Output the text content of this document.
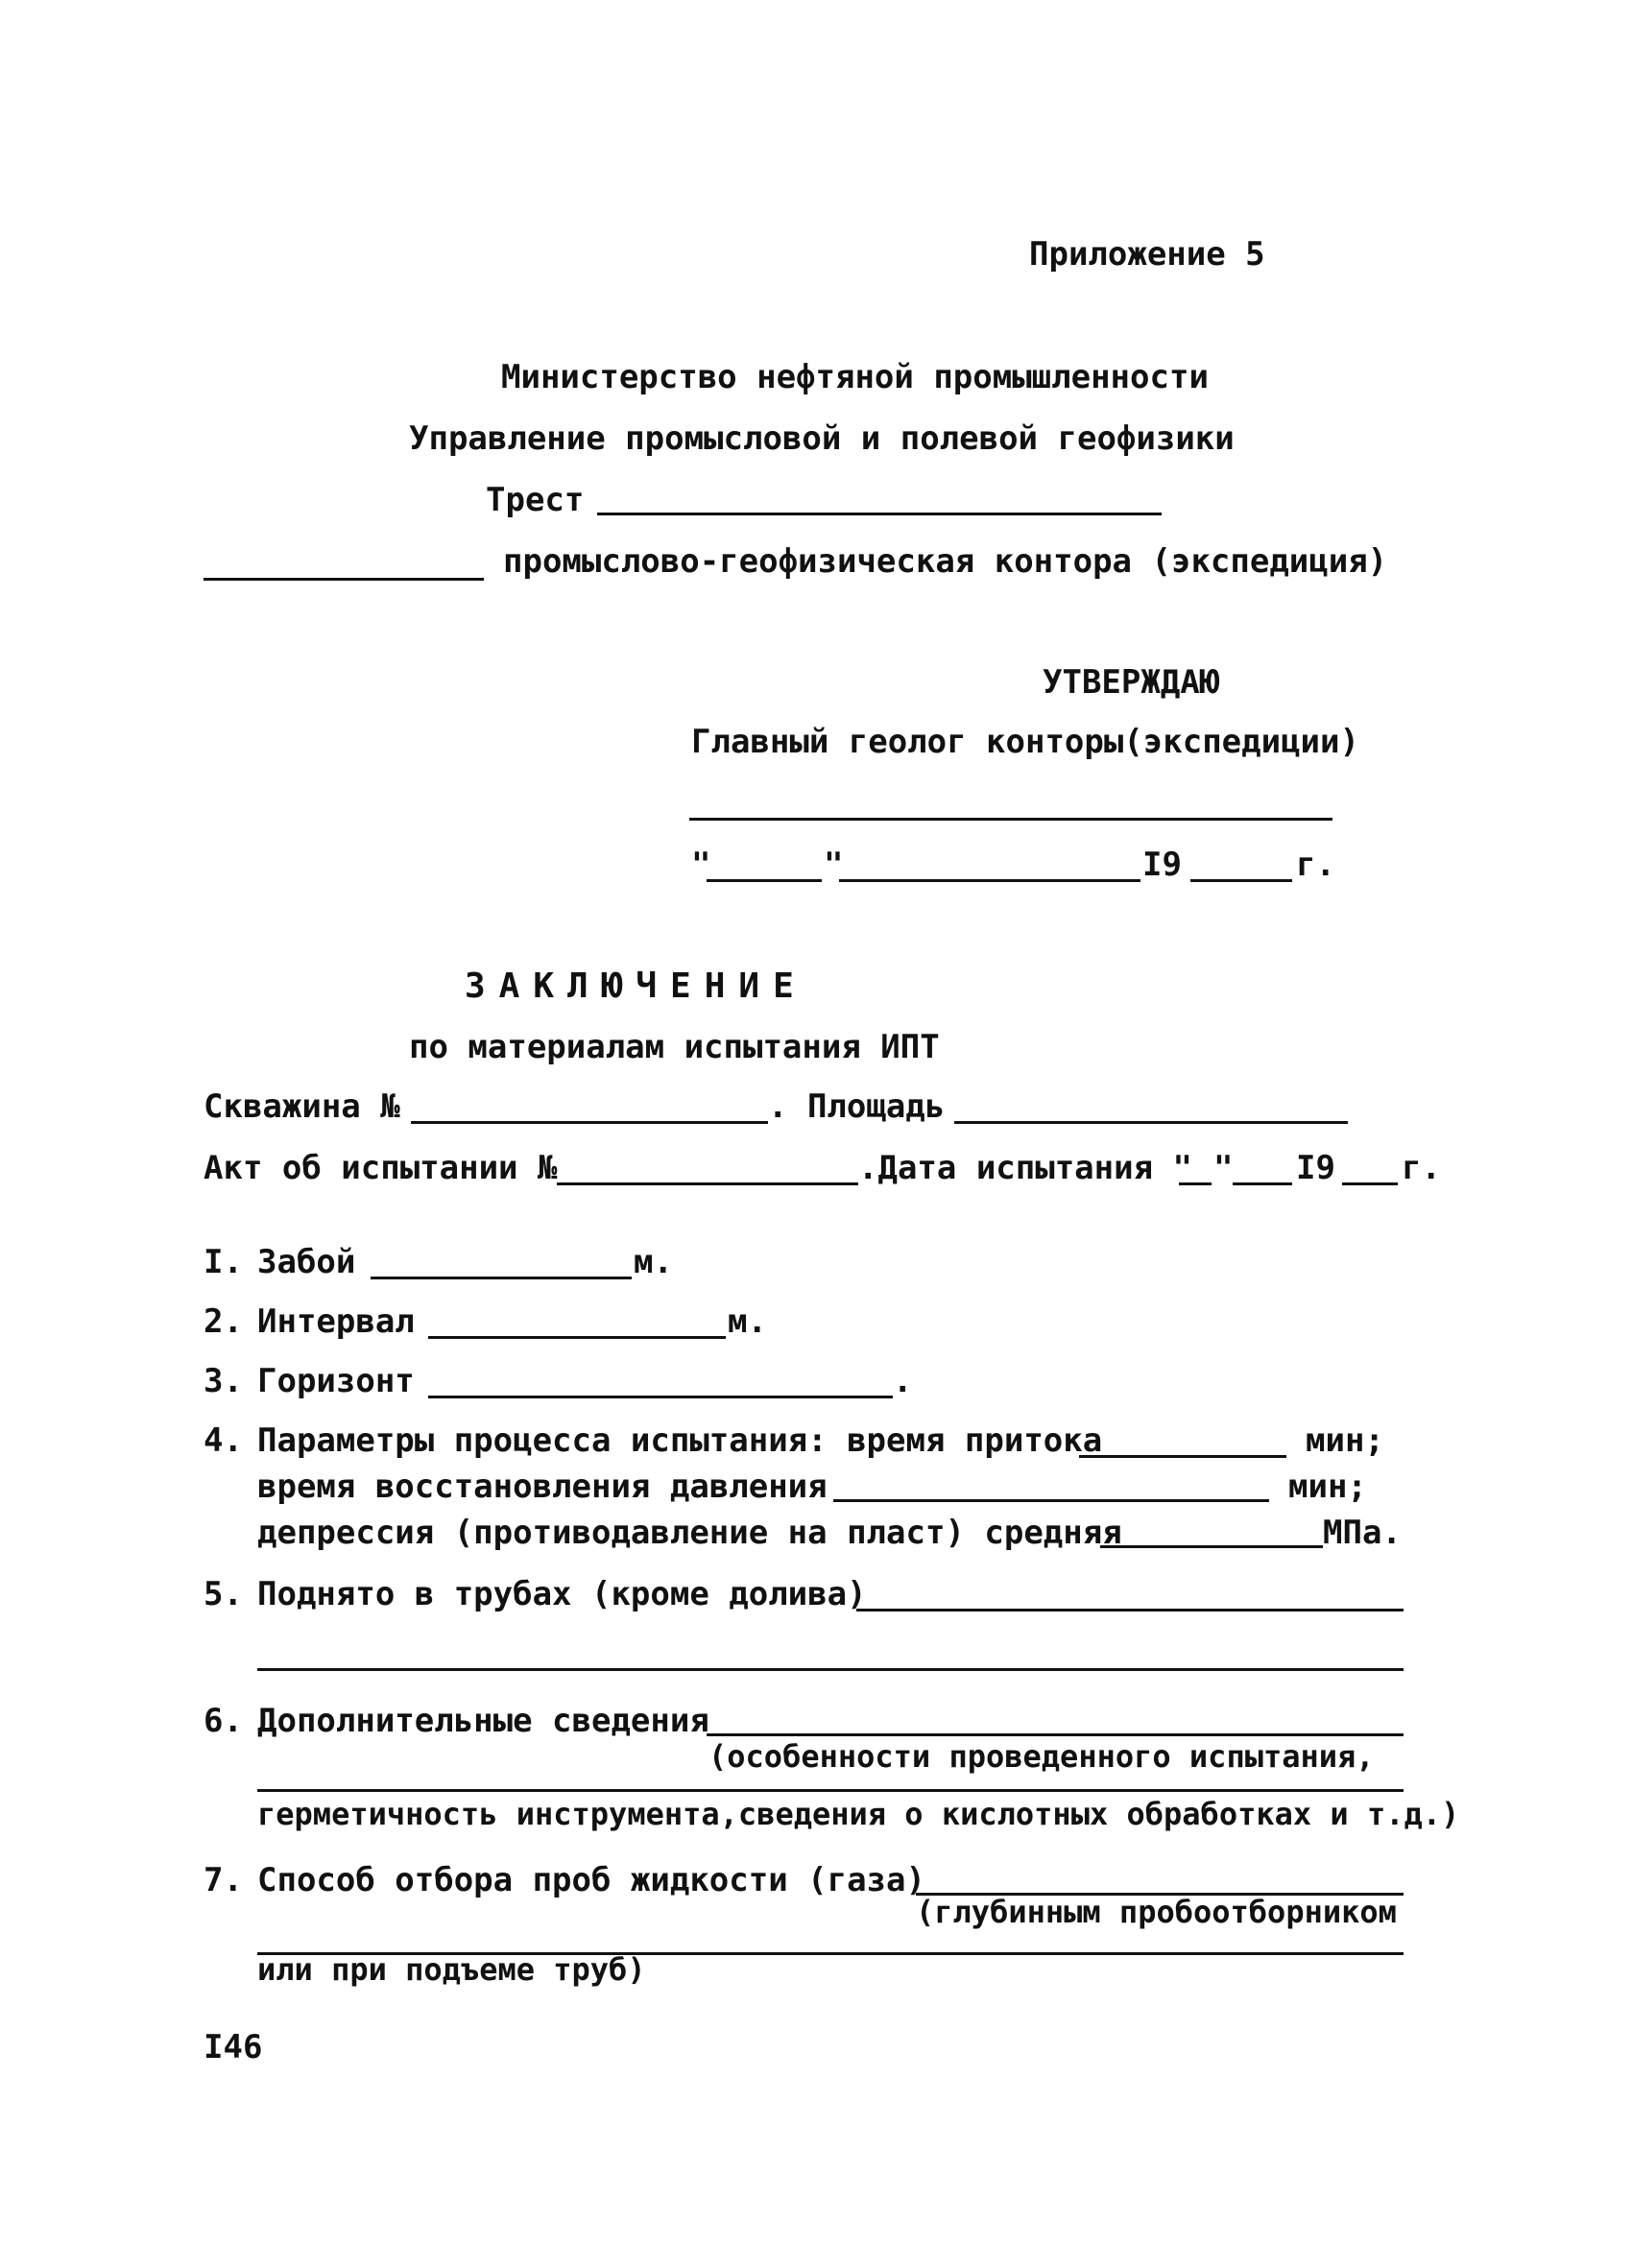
Приложение 5
Министерство нефтяной промышленности
Управление промысловой и полевой геофизики
Трест
промыслово-геофизическая контора (экспедиция)
УТВЕРЖДАЮ
Главный геолог конторы(экспедиции)
"	"	I9	г.
ЗАКЛЮЧЕНИЕ
по материалам испытания ИПТ
Скважина №	. Площадь
Акт об испытании №	.Дата испытания " " I9 г.
I. Забой	м.
2. Интервал	м.
3. Горизонт	.
4. Параметры процесса испытания: время притока	мин;
время восстановления давления	мин;
депрессия (противодавление на пласт) средняя	МПа.
5. Поднято в трубах (кроме долива)
6. Дополнительные сведения
(особенности проведенного испытания,
герметичность инструмента,сведения о кислотных обработках и т.д.)
7. Способ отбора проб жидкости (газа)
(глубинным пробоотборником
или при подъеме труб)
I46
